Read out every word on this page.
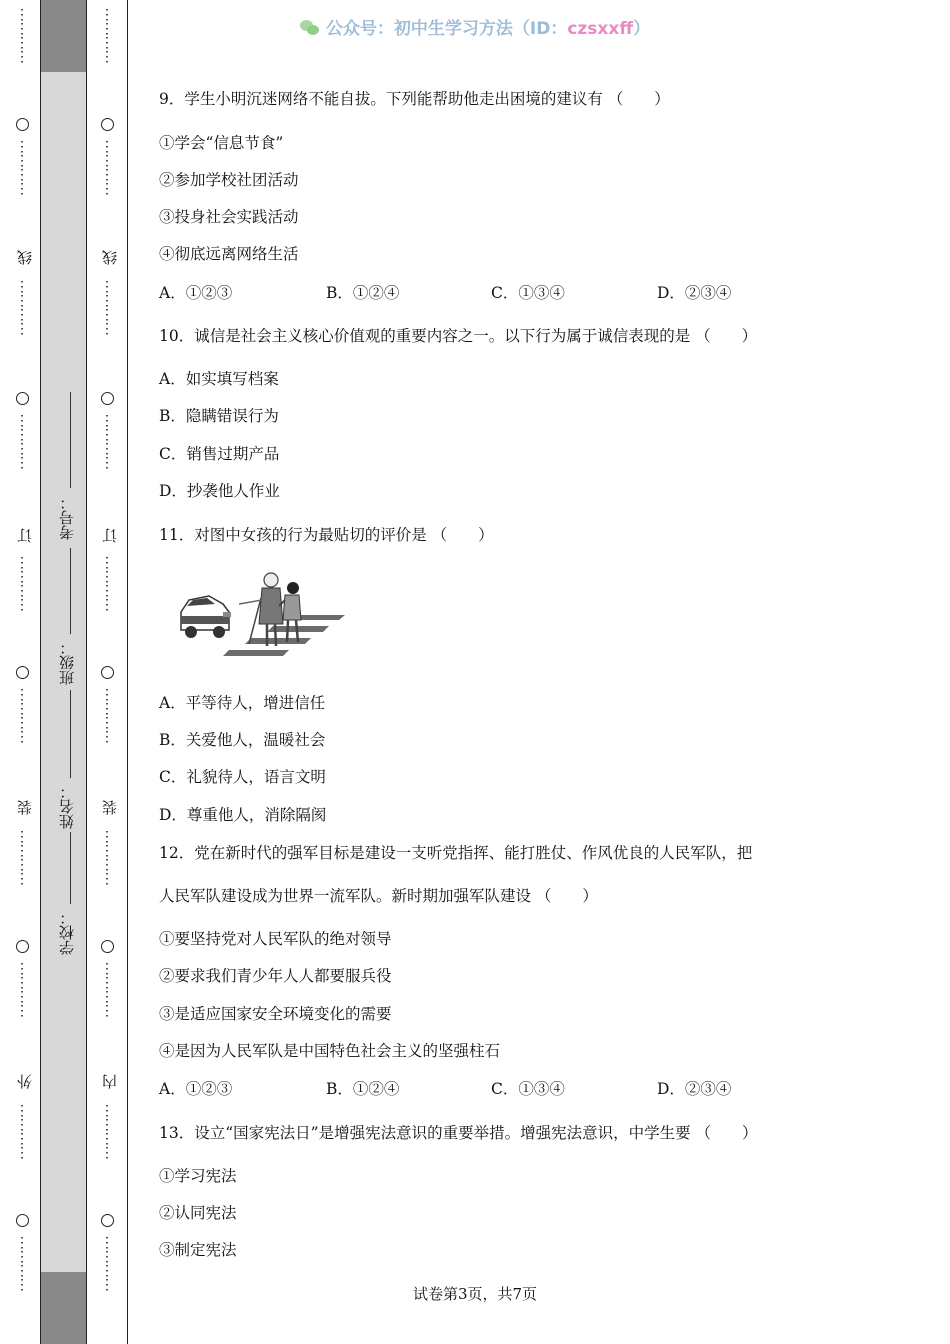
⋮
⋮
⋮
⋮
⋮
⋮
⋮
⋮
线
⋮
⋮
⋮
⋮
⋮
⋮
⋮
⋮
订
⋮
⋮
⋮
⋮
⋮
⋮
⋮
⋮
装
⋮
⋮
⋮
⋮
⋮
⋮
⋮
⋮
外
⋮
⋮
⋮
⋮
⋮
⋮
⋮
⋮
⋮
⋮
⋮
⋮
⋮
⋮
⋮
⋮
线
⋮
⋮
⋮
⋮
⋮
⋮
⋮
⋮
订
⋮
⋮
⋮
⋮
⋮
⋮
⋮
⋮
装
⋮
⋮
⋮
⋮
⋮
⋮
⋮
⋮
内
⋮
⋮
⋮
⋮
⋮
⋮
⋮
⋮
考号：
班级：
姓名：
学校：
公众号：初中生学习方法（ID：czsxxff）
9．学生小明沉迷网络不能自拔。下列能帮助他走出困境的建议有 （　　）
①学会“信息节食”
②参加学校社团活动
③投身社会实践活动
④彻底远离网络生活
A．①②③	B．①②④	C．①③④	D．②③④
10．诚信是社会主义核心价值观的重要内容之一。以下行为属于诚信表现的是 （　　）
A．如实填写档案
B．隐瞒错误行为
C．销售过期产品
D．抄袭他人作业
11．对图中女孩的行为最贴切的评价是 （　　）
A．平等待人，增进信任
B．关爱他人，温暖社会
C．礼貌待人，语言文明
D．尊重他人，消除隔阂
12．党在新时代的强军目标是建设一支听党指挥、能打胜仗、作风优良的人民军队，把
人民军队建设成为世界一流军队。新时期加强军队建设 （　　）
①要坚持党对人民军队的绝对领导
②要求我们青少年人人都要服兵役
③是适应国家安全环境变化的需要
④是因为人民军队是中国特色社会主义的坚强柱石
A．①②③	B．①②④	C．①③④	D．②③④
13．设立“国家宪法日”是增强宪法意识的重要举措。增强宪法意识，中学生要 （　　）
①学习宪法
②认同宪法
③制定宪法
试卷第3页，共7页
